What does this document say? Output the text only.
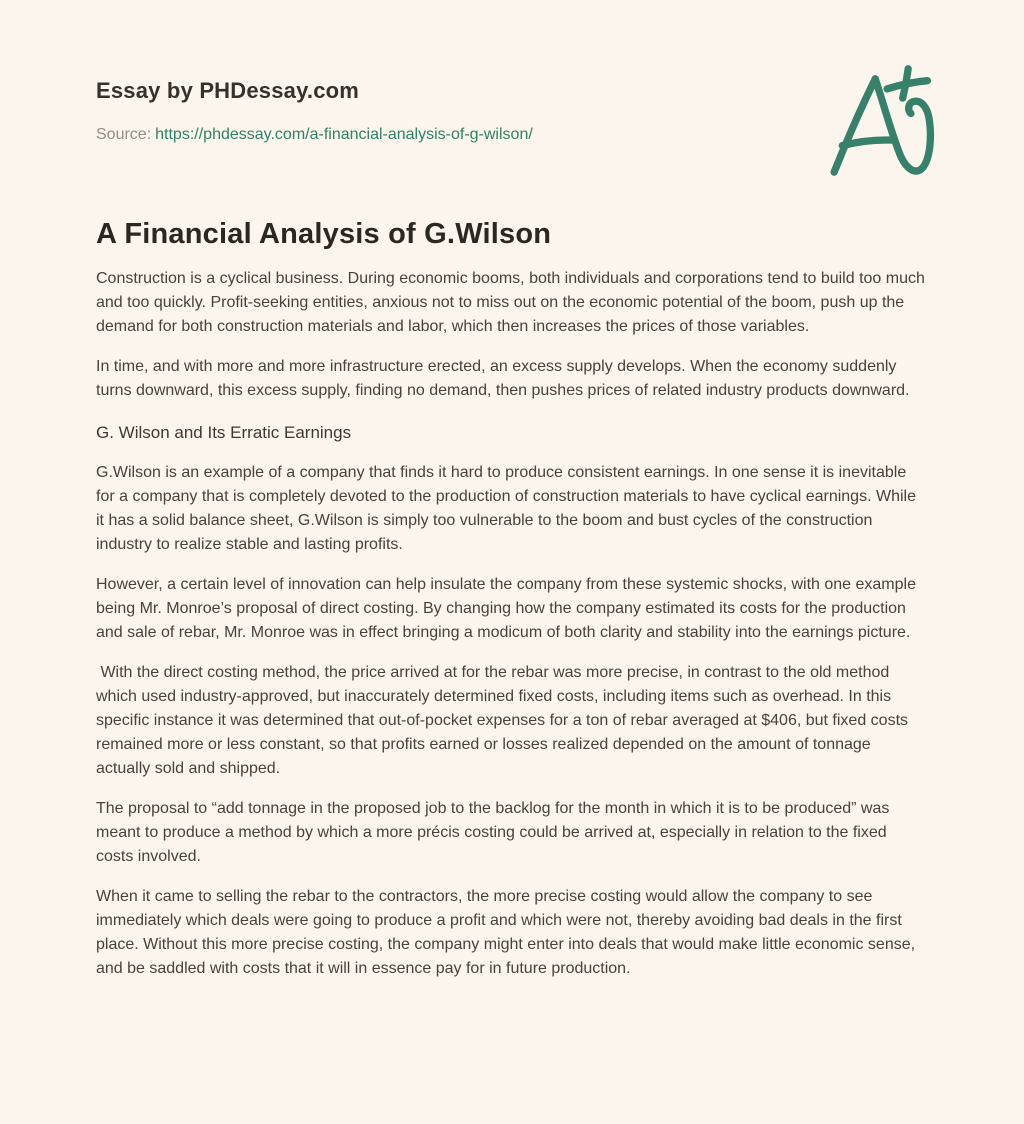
Essay by PHDessay.com
Source: https://phdessay.com/a-financial-analysis-of-g-wilson/
A Financial Analysis of G.Wilson

Construction is a cyclical business. During economic booms, both individuals and corporations tend to build too much and too quickly. Profit-seeking entities, anxious not to miss out on the economic potential of the boom, push up the demand for both construction materials and labor, which then increases the prices of those variables.

In time, and with more and more infrastructure erected, an excess supply develops. When the economy suddenly turns downward, this excess supply, finding no demand, then pushes prices of related industry products downward.

G. Wilson and Its Erratic Earnings

G.Wilson is an example of a company that finds it hard to produce consistent earnings. In one sense it is inevitable for a company that is completely devoted to the production of construction materials to have cyclical earnings. While it has a solid balance sheet, G.Wilson is simply too vulnerable to the boom and bust cycles of the construction industry to realize stable and lasting profits.

However, a certain level of innovation can help insulate the company from these systemic shocks, with one example being Mr. Monroe’s proposal of direct costing. By changing how the company estimated its costs for the production and sale of rebar, Mr. Monroe was in effect bringing a modicum of both clarity and stability into the earnings picture.

With the direct costing method, the price arrived at for the rebar was more precise, in contrast to the old method which used industry-approved, but inaccurately determined fixed costs, including items such as overhead. In this specific instance it was determined that out-of-pocket expenses for a ton of rebar averaged at $406, but fixed costs remained more or less constant, so that profits earned or losses realized depended on the amount of tonnage actually sold and shipped.

The proposal to “add tonnage in the proposed job to the backlog for the month in which it is to be produced” was meant to produce a method by which a more précis costing could be arrived at, especially in relation to the fixed costs involved.

When it came to selling the rebar to the contractors, the more precise costing would allow the company to see immediately which deals were going to produce a profit and which were not, thereby avoiding bad deals in the first place. Without this more precise costing, the company might enter into deals that would make little economic sense, and be saddled with costs that it will in essence pay for in future production.
